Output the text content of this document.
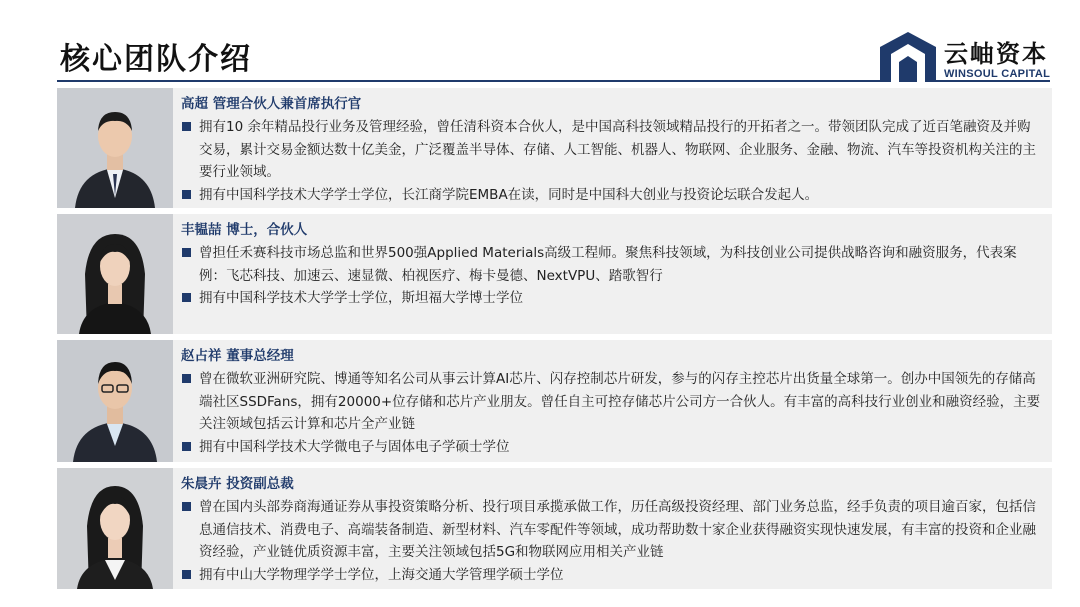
核心团队介绍	云岫资本
WINSOUL CAPITAL
高超 管理合伙人兼首席执行官
拥有10 余年精品投行业务及管理经验，曾任清科资本合伙人，是中国高科技领域精品投行的开拓者之一。带领团队完成了近百笔融资及并购交易，累计交易金额达数十亿美金，广泛覆盖半导体、存储、人工智能、机器人、物联网、企业服务、金融、物流、汽车等投资机构关注的主要行业领域。
拥有中国科学技术大学学士学位，长江商学院EMBA在读，同时是中国科大创业与投资论坛联合发起人。
丰韫喆 博士，合伙人
曾担任禾赛科技市场总监和世界500强Applied Materials高级工程师。聚焦科技领域，为科技创业公司提供战略咨询和融资服务，代表案例：飞芯科技、加速云、速显微、柏视医疗、梅卡曼德、NextVPU、踏歌智行
拥有中国科学技术大学学士学位，斯坦福大学博士学位
赵占祥 董事总经理
曾在微软亚洲研究院、博通等知名公司从事云计算AI芯片、闪存控制芯片研发，参与的闪存主控芯片出货量全球第一。创办中国领先的存储高端社区SSDFans，拥有20000+位存储和芯片产业朋友。曾任自主可控存储芯片公司方一合伙人。有丰富的高科技行业创业和融资经验，主要关注领域包括云计算和芯片全产业链
拥有中国科学技术大学微电子与固体电子学硕士学位
朱晨卉 投资副总裁
曾在国内头部券商海通证券从事投资策略分析、投行项目承揽承做工作，历任高级投资经理、部门业务总监，经手负责的项目逾百家，包括信息通信技术、消费电子、高端装备制造、新型材料、汽车零配件等领域，成功帮助数十家企业获得融资实现快速发展，有丰富的投资和企业融资经验，产业链优质资源丰富，主要关注领域包括5G和物联网应用相关产业链
拥有中山大学物理学学士学位，上海交通大学管理学硕士学位
